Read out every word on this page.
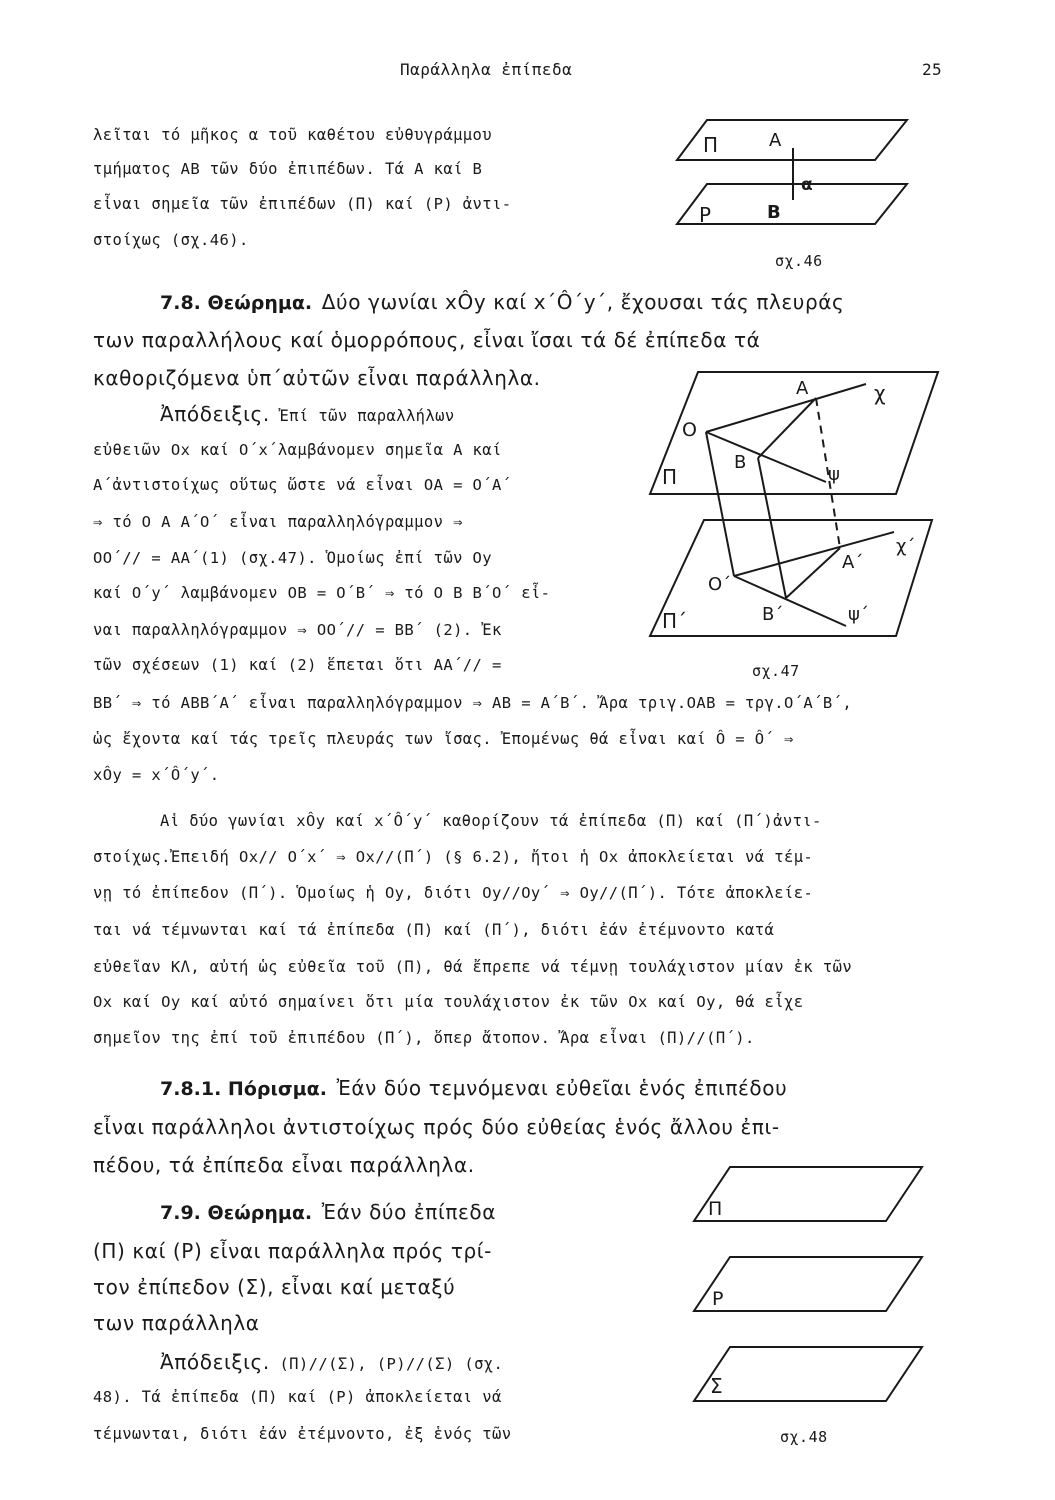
Παράλληλα ἐπίπεδα	25
λεῖται τό μῆκος α τοῦ καθέτου εὐθυγράμμου
τμήματος AB τῶν δύο ἐπιπέδων. Τά A καί B
εἶναι σημεῖα τῶν ἐπιπέδων (Π) καί (P) ἀντι-
στοίχως (σχ.46).
Π
P
A
B
α
σχ.46
7.8. Θεώρημα. Δύο γωνίαι xÔy καί x΄Ô΄y΄, ἔχουσαι τάς πλευράς
των παραλλήλους καί ὁμορρόπους, εἶναι ἴσαι τά δέ ἐπίπεδα τά
καθοριζόμενα ὑπ΄αὐτῶν εἶναι παράλληλα.
Ἀπόδειξις. Ἐπί τῶν παραλλήλων
εὐθειῶν Ox καί O΄x΄λαμβάνομεν σημεῖα A καί
A΄ἀντιστοίχως οὕτως ὥστε νά εἶναι OA = O΄A΄
⇒ τό O A A΄O΄ εἶναι παραλληλόγραμμον ⇒
OO΄// = AA΄(1) (σχ.47). Ὁμοίως ἐπί τῶν Oy
καί O΄y΄ λαμβάνομεν OB = O΄B΄ ⇒ τό O B B΄O΄ εἶ-
ναι παραλληλόγραμμον ⇒ OO΄// = BB΄ (2). Ἐκ
τῶν σχέσεων (1) καί (2) ἕπεται ὅτι AA΄// =
BB΄ ⇒ τό ABB΄A΄ εἶναι παραλληλόγραμμον ⇒ AB = A΄B΄. Ἄρα τριγ.OAB = τργ.O΄A΄B΄,
ὡς ἔχοντα καί τάς τρεῖς πλευράς των ἴσας. Ἐπομένως θά εἶναι καί Ô = Ô΄ ⇒
xÔy = x΄Ô΄y΄.
O
A
B
χ
ψ
Π
O΄
A΄
B΄
χ΄
ψ΄
Π΄
σχ.47
Αἱ δύο γωνίαι xÔy καί x΄Ô΄y΄ καθορίζουν τά ἐπίπεδα (Π) καί (Π΄)ἀντι-
στοίχως.Ἐπειδή Ox// O΄x΄ ⇒ Ox//(Π΄) (§ 6.2), ἤτοι ἡ Ox ἀποκλείεται νά τέμ-
νῃ τό ἐπίπεδον (Π΄). Ὁμοίως ἡ Oy, διότι Oy//Oy΄ ⇒ Oy//(Π΄). Τότε ἀποκλείε-
ται νά τέμνωνται καί τά ἐπίπεδα (Π) καί (Π΄), διότι ἐάν ἐτέμνοντο κατά
εὐθεῖαν KΛ, αὐτή ὡς εὐθεῖα τοῦ (Π), θά ἔπρεπε νά τέμνῃ τουλάχιστον μίαν ἐκ τῶν
Ox καί Oy καί αὐτό σημαίνει ὅτι μία τουλάχιστον ἐκ τῶν Ox καί Oy, θά εἶχε
σημεῖον της ἐπί τοῦ ἐπιπέδου (Π΄), ὅπερ ἄτοπον. Ἄρα εἶναι (Π)//(Π΄).
7.8.1. Πόρισμα. Ἐάν δύο τεμνόμεναι εὐθεῖαι ἑνός ἐπιπέδου
εἶναι παράλληλοι ἀντιστοίχως πρός δύο εὐθείας ἑνός ἄλλου ἐπι-
πέδου, τά ἐπίπεδα εἶναι παράλληλα.
7.9. Θεώρημα. Ἐάν δύο ἐπίπεδα
(Π) καί (P) εἶναι παράλληλα πρός τρί-
τον ἐπίπεδον (Σ), εἶναι καί μεταξύ
των παράλληλα
Ἀπόδειξις. (Π)//(Σ), (P)//(Σ) (σχ.
48). Τά ἐπίπεδα (Π) καί (P) ἀποκλείεται νά
τέμνωνται, διότι ἐάν ἐτέμνοντο, ἐξ ἑνός τῶν
Π
P
Σ
σχ.48
